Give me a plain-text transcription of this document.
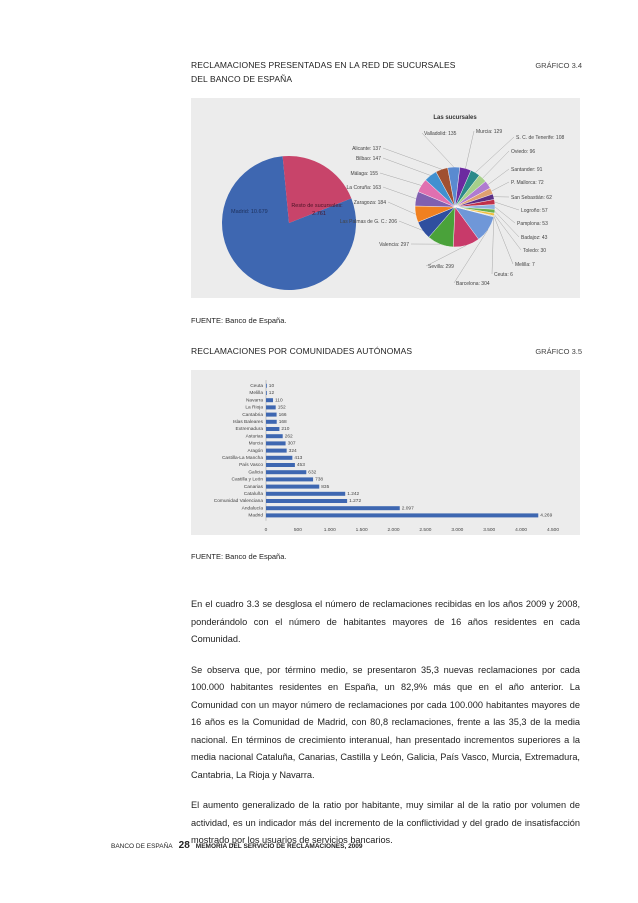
RECLAMACIONES PRESENTADAS EN LA RED DE SUCURSALES
DEL BANCO DE ESPAÑA
GRÁFICO 3.4
Madrid: 10.679
Resto de sucursales:
2.761
Las sucursales
Murcia: 129
S. C. de Tenerife: 108
Oviedo: 96
Santander: 91
P. Mallorca: 72
San Sebastián: 62
Logroño: 57
Pamplona: 53
Badajoz: 43
Toledo: 30
Melilla: 7
Ceuta: 6
Barcelona: 304
Sevilla: 299
Valencia: 297
Las Palmas de G. C.: 206
Zaragoza: 184
La Coruña: 163
Málaga: 155
Bilbao: 147
Alicante: 137
Valladolid: 135
FUENTE: Banco de España.
RECLAMACIONES POR COMUNIDADES AUTÓNOMAS	GRÁFICO 3.5
Ceuta 10
Melilla 12
Navarra	110
La Rioja	152
Cantabria	166
Islas Baleares	168
Extremadura	210
Asturias	262
Murcia	307
Aragón	324
Castilla-La Mancha	413
País Vasco	453
Galicia	632
Castilla y León	738
Canarias	835
Cataluña	1.242
Comunidad Valenciana	1.272
Andalucía	2.097
Madrid	4.269
0	500	1.000	1.500	2.000	2.500	3.000	3.500	4.000	4.500
FUENTE: Banco de España.

En el cuadro 3.3 se desglosa el número de reclamaciones recibidas en los años 2009 y 2008, ponderándolo con el número de habitantes mayores de 16 años residentes en cada Comunidad.

Se observa que, por término medio, se presentaron 35,3 nuevas reclamaciones por cada 100.000 habitantes residentes en España, un 82,9% más que en el año anterior. La Comunidad con un mayor número de reclamaciones por cada 100.000 habitantes mayores de 16 años es la Comunidad de Madrid, con 80,8 reclamaciones, frente a las 35,3 de la media nacional. En términos de crecimiento interanual, han presentado incrementos superiores a la media nacional Cataluña, Canarias, Castilla y León, Galicia, País Vasco, Murcia, Extremadura, Cantabria, La Rioja y Navarra.

El aumento generalizado de la ratio por habitante, muy similar al de la ratio por volumen de actividad, es un indicador más del incremento de la conflictividad y del grado de insatisfacción mostrado por los usuarios de servicios bancarios.

BANCO DE ESPAÑA 28 MEMORIA DEL SERVICIO DE RECLAMACIONES, 2009
